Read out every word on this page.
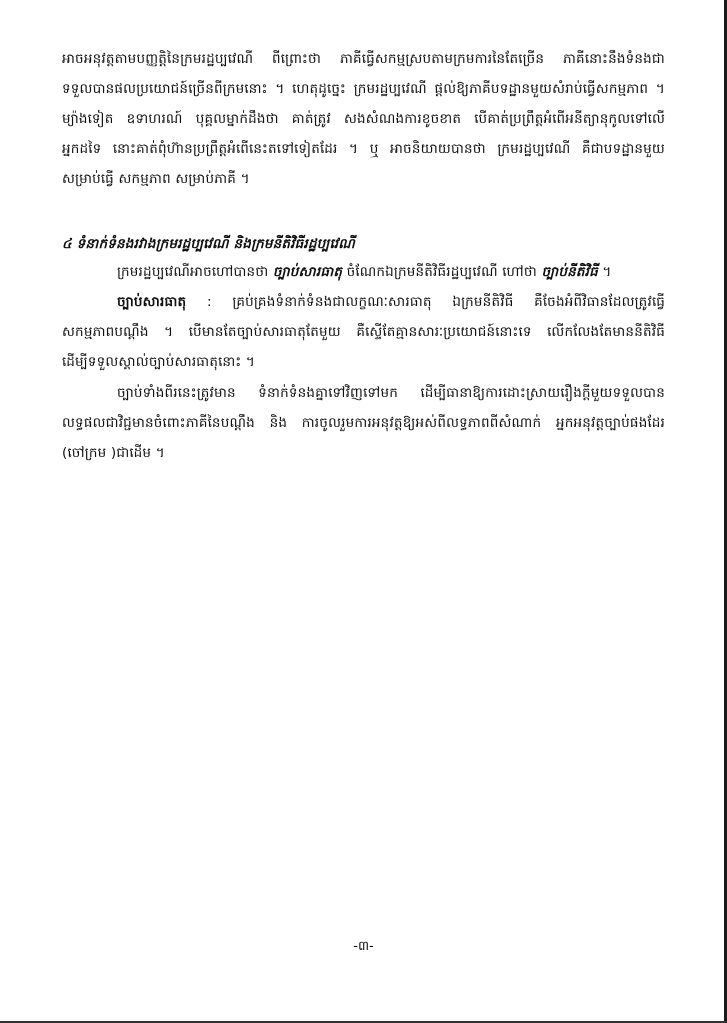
អាចអនុវត្តតាមបញ្ញត្តិនៃក្រមរដ្ឋប្បវេណី ពីព្រោះថា ភាគីធ្វើសកម្មស្របតាមក្រមការនៃតែច្រើន ភាគីនោះនឹងទំនងជា
ទទួលបានផលប្រយោជន៍ច្រើនពីក្រមនោះ ។ ហេតុដូច្នេះ ក្រមរដ្ឋប្បវេណី ផ្តល់ឱ្យភាគីបទដ្ឋានមួយសំរាប់ធ្វើសកម្មភាព ។
ម្យ៉ាងទៀត ឧទាហរណ៍ បុគ្គលម្នាក់ដឹងថា គាត់ត្រូវ សងសំណងការខូចខាត បើគាត់ប្រព្រឹត្តអំពើអនីត្យានុកូលទៅលើ
អ្នកដទៃ នោះគាត់ពុំហ៊ានប្រព្រឹត្តអំពើនេះតទៅទៀតដែរ ។ ឬ អាចនិយាយបានថា ក្រមរដ្ឋប្បវេណី គឺជាបទដ្ឋានមួយ
សម្រាប់ធ្វើ សកម្មភាព សម្រាប់ភាគី ។
៤ ទំនាក់ទំនងរវាងក្រមរដ្ឋប្បវេណី និងក្រមនីតិវិធីរដ្ឋប្បវេណី
ក្រមរដ្ឋប្បវេណីអាចហៅបានថា ច្បាប់សារធាតុ ចំណែកឯក្រមនីតិវិធីរដ្ឋប្បវេណី ហៅថា ច្បាប់នីតិវិធី ។
ច្បាប់សារធាតុ : គ្រប់គ្រងទំនាក់ទំនងជាលក្ខណៈសារធាតុ ឯក្រមនីតិវិធី គឺចែងអំពីវិធានដែលត្រូវធ្វើ
សកម្មភាពបណ្តឹង ។ បើមានតែច្បាប់សារធាតុតែមួយ គឺស្ទើតែគ្មានសារៈប្រយោជន៍នោះទេ លើកលែងតែមាននីតិវិធី
ដើម្បីទទួលស្គាល់ច្បាប់សារធាតុនោះ ។
ច្បាប់ទាំងពីរនេះត្រូវមាន ទំនាក់ទំនងគ្នាទៅវិញទៅមក ដើម្បីធានាឱ្យការដោះស្រាយរឿងក្តីមួយទទួលបាន
លទ្ធផលជាវិជ្ជមានចំពោះភាគីនៃបណ្តឹង និង ការចូលរួមការអនុវត្តឱ្យអស់ពីលទ្ធភាពពីសំណាក់ អ្នកអនុវត្តច្បាប់ផងដែរ
(ចៅក្រម )ជាដើម ។
-៣-
